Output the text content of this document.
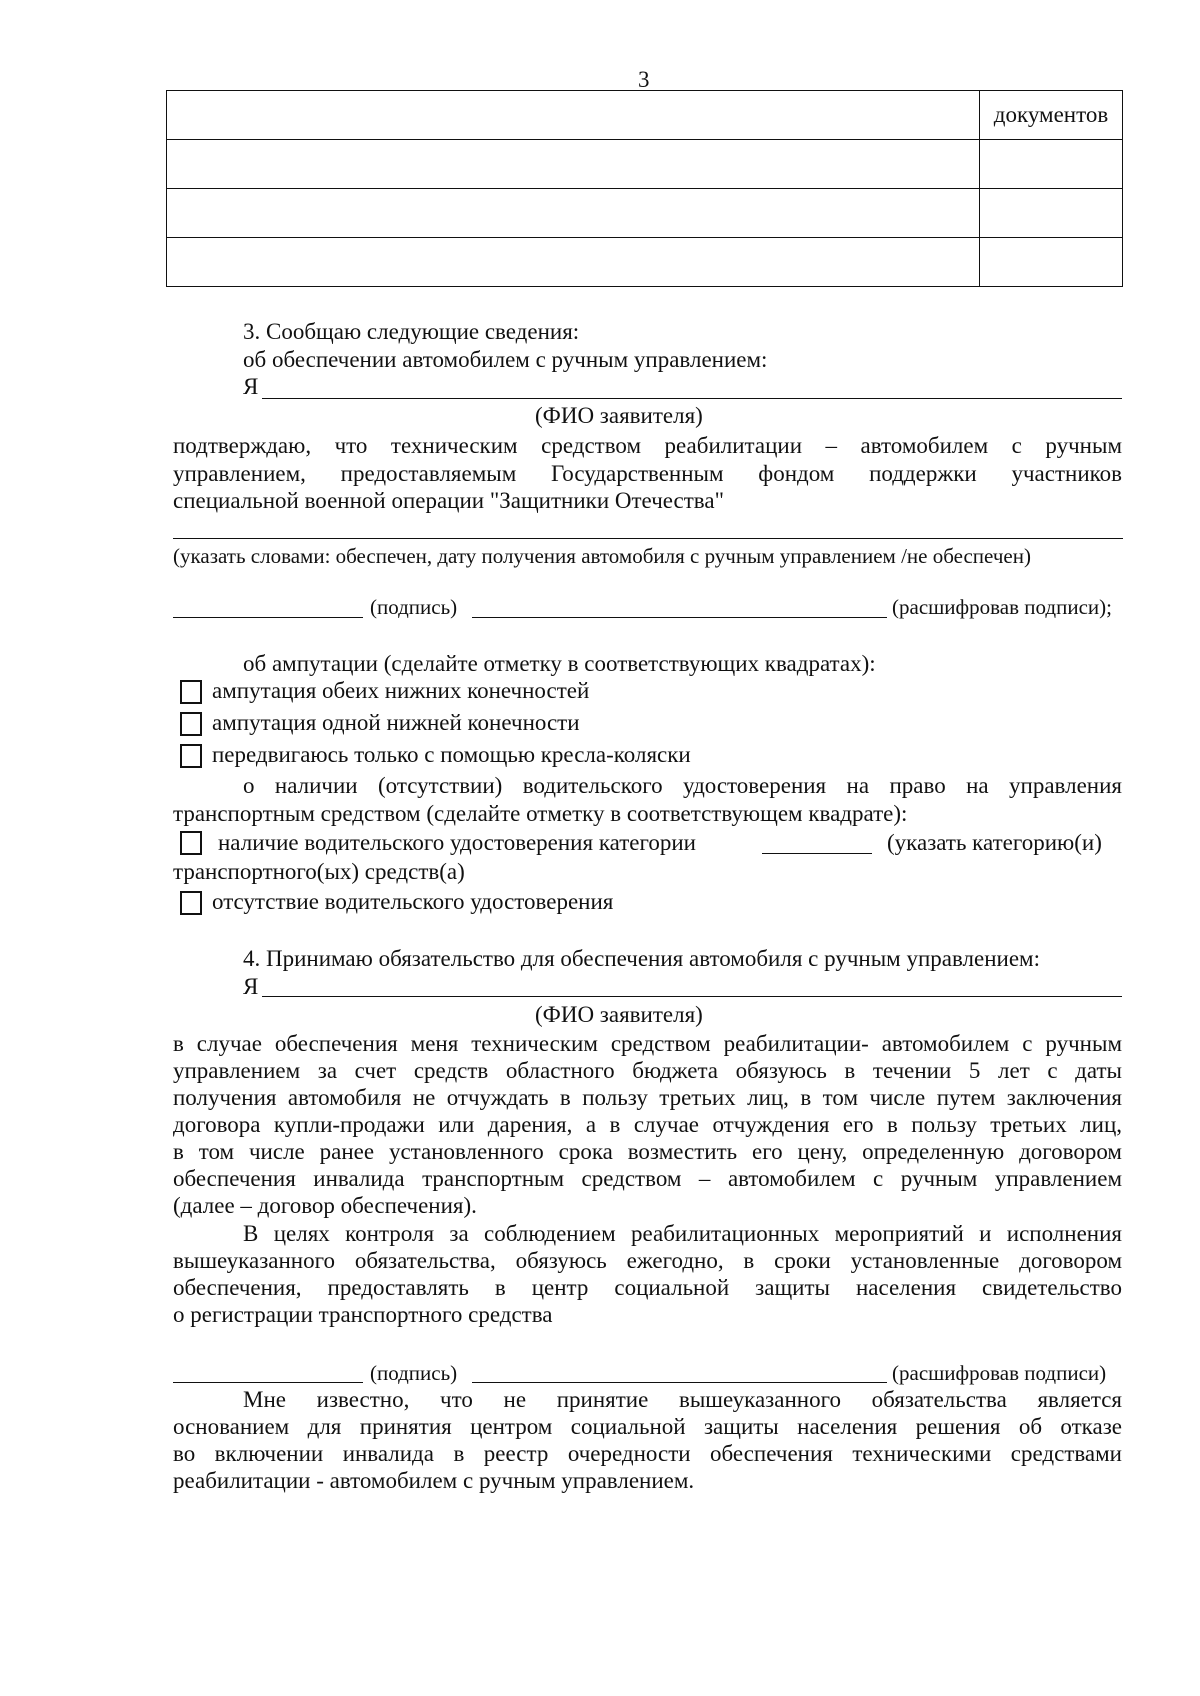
3
	документов

3. Сообщаю следующие сведения:
об обеспечении автомобилем с ручным управлением:
Я
(ФИО заявителя)
подтверждаю, что техническим средством реабилитации – автомобилем с ручным
управлением, предоставляемым Государственным фондом поддержки участников
специальной военной операции "Защитники Отечества"
(указать словами: обеспечен, дату получения автомобиля с ручным управлением /не обеспечен)
(подпись)	(расшифровав подписи);
об ампутации (сделайте отметку в соответствующих квадратах):
ампутация обеих нижних конечностей
ампутация одной нижней конечности
передвигаюсь только с помощью кресла-коляски
о наличии (отсутствии) водительского удостоверения на право на управления
транспортным средством (сделайте отметку в соответствующем квадрате):
наличие водительского удостоверения категории	(указать категорию(и)
транспортного(ых) средств(а)
отсутствие водительского удостоверения
4. Принимаю обязательство для обеспечения автомобиля с ручным управлением:
Я
(ФИО заявителя)
в случае обеспечения меня техническим средством реабилитации- автомобилем с ручным
управлением за счет средств областного бюджета обязуюсь в течении 5 лет с даты
получения автомобиля не отчуждать в пользу третьих лиц, в том числе путем заключения
договора купли-продажи или дарения, а в случае отчуждения его в пользу третьих лиц,
в том числе ранее установленного срока возместить его цену, определенную договором
обеспечения инвалида транспортным средством – автомобилем с ручным управлением
(далее – договор обеспечения).
В целях контроля за соблюдением реабилитационных мероприятий и исполнения
вышеуказанного обязательства, обязуюсь ежегодно, в сроки установленные договором
обеспечения, предоставлять в центр социальной защиты населения свидетельство
о регистрации транспортного средства
(подпись)	(расшифровав подписи)
Мне известно, что не принятие вышеуказанного обязательства является
основанием для принятия центром социальной защиты населения решения об отказе
во включении инвалида в реестр очередности обеспечения техническими средствами
реабилитации - автомобилем с ручным управлением.
